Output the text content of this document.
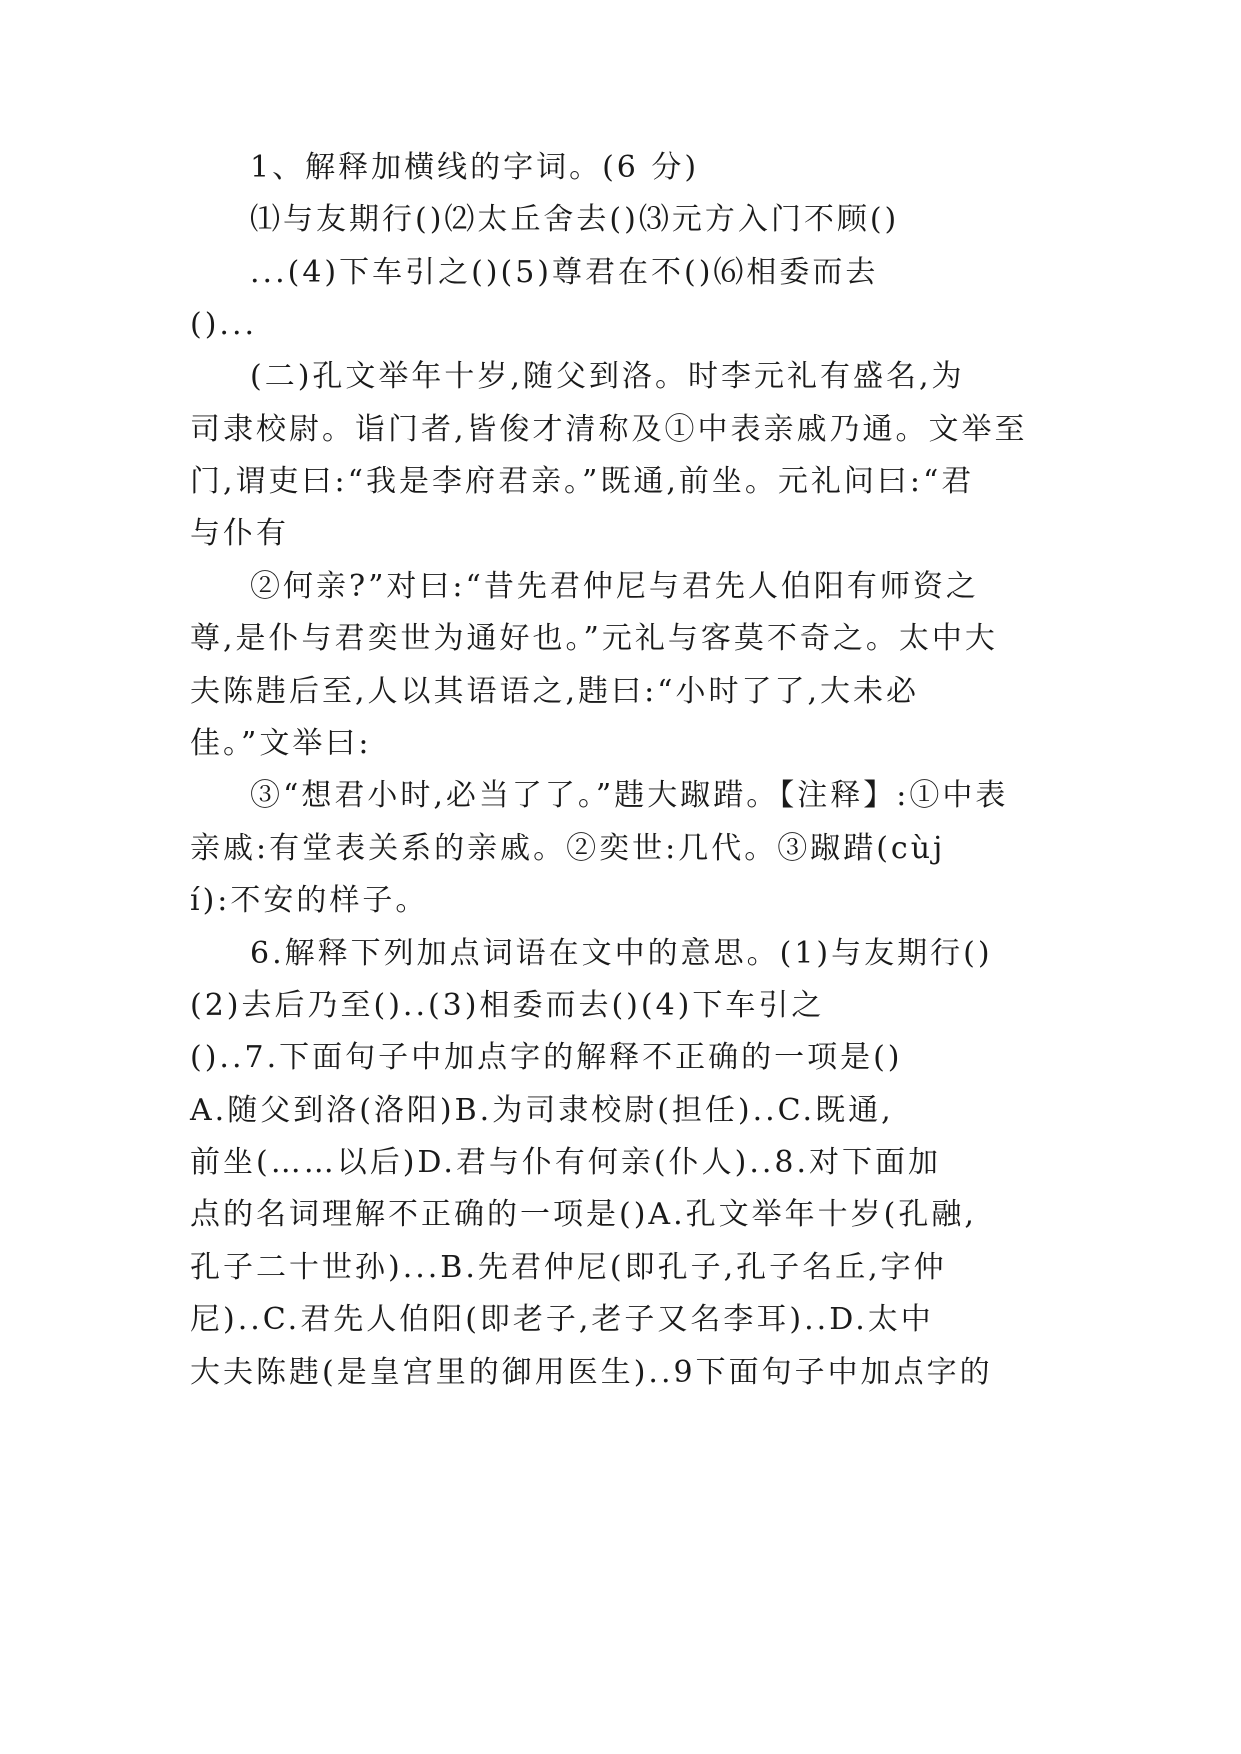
1、解释加横线的字词。(6 分)
⑴与友期行()⑵太丘舍去()⑶元方入门不顾()
...(4)下车引之()(5)尊君在不()⑹相委而去
()...
(二)孔文举年十岁,随父到洛。时李元礼有盛名,为
司隶校尉。诣门者,皆俊才清称及①中表亲戚乃通。文举至
门,谓吏曰:“我是李府君亲。”既通,前坐。元礼问曰:“君
与仆有
②何亲?”对曰:“昔先君仲尼与君先人伯阳有师资之
尊,是仆与君奕世为通好也。”元礼与客莫不奇之。太中大
夫陈韪后至,人以其语语之,韪曰:“小时了了,大未必
佳。”文举曰:
③“想君小时,必当了了。”韪大踧踖。【注释】:①中表
亲戚:有堂表关系的亲戚。②奕世:几代。③踧踖(cùj
í):不安的样子。
6.解释下列加点词语在文中的意思。(1)与友期行()
(2)去后乃至()..(3)相委而去()(4)下车引之
()..7.下面句子中加点字的解释不正确的一项是()
A.随父到洛(洛阳)B.为司隶校尉(担任)..C.既通,
前坐(……以后)D.君与仆有何亲(仆人)..8.对下面加
点的名词理解不正确的一项是()A.孔文举年十岁(孔融,
孔子二十世孙)...B.先君仲尼(即孔子,孔子名丘,字仲
尼)..C.君先人伯阳(即老子,老子又名李耳)..D.太中
大夫陈韪(是皇宫里的御用医生)..9下面句子中加点字的
